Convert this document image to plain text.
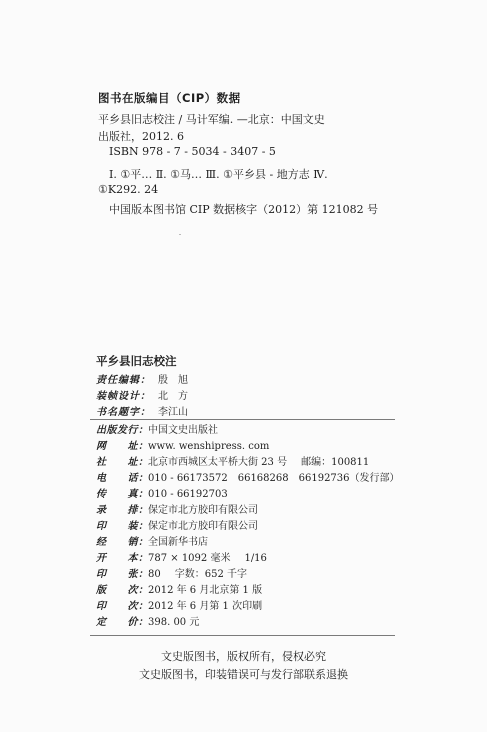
图书在版编目（CIP）数据
平乡县旧志校注 / 马计军编. —北京：中国文史
出版社，2012. 6
ISBN 978 - 7 - 5034 - 3407 - 5
Ⅰ. ①平… Ⅱ. ①马… Ⅲ. ①平乡县 - 地方志 Ⅳ.
①K292. 24
中国版本图书馆 CIP 数据核字（2012）第 121082 号
平乡县旧志校注
责任编辑： 殷　旭
装帧设计： 北　方
书名题字： 李江山
出版发行：中国文史出版社
网　　址：www. wenshipress. com
社　　址：北京市西城区太平桥大街 23 号 邮编：100811
电　　话：010 - 66173572　66168268　66192736（发行部）
传　　真：010 - 66192703
录　　排：保定市北方胶印有限公司
印　　装：保定市北方胶印有限公司
经　　销：全国新华书店
开　　本：787 × 1092 毫米 1/16
印　　张：80 字数：652 千字
版　　次：2012 年 6 月北京第 1 版
印　　次：2012 年 6 月第 1 次印刷
定　　价：398. 00 元
文史版图书，版权所有，侵权必究
文史版图书，印装错误可与发行部联系退换
